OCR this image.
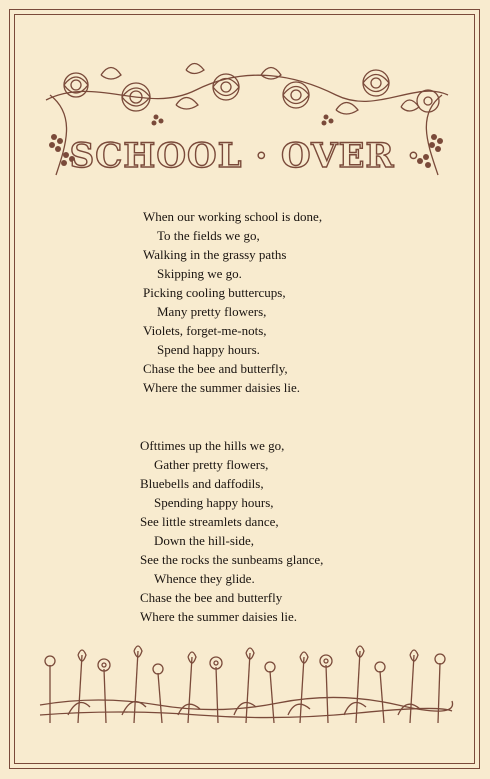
SCHOOL · OVER ·
When our working school is done,
To the fields we go,
Walking in the grassy paths
Skipping we go.
Picking cooling buttercups,
Many pretty flowers,
Violets, forget-me-nots,
Spend happy hours.
Chase the bee and butterfly,
Where the summer daisies lie.
Ofttimes up the hills we go,
Gather pretty flowers,
Bluebells and daffodils,
Spending happy hours,
See little streamlets dance,
Down the hill-side,
See the rocks the sunbeams glance,
Whence they glide.
Chase the bee and butterfly
Where the summer daisies lie.
